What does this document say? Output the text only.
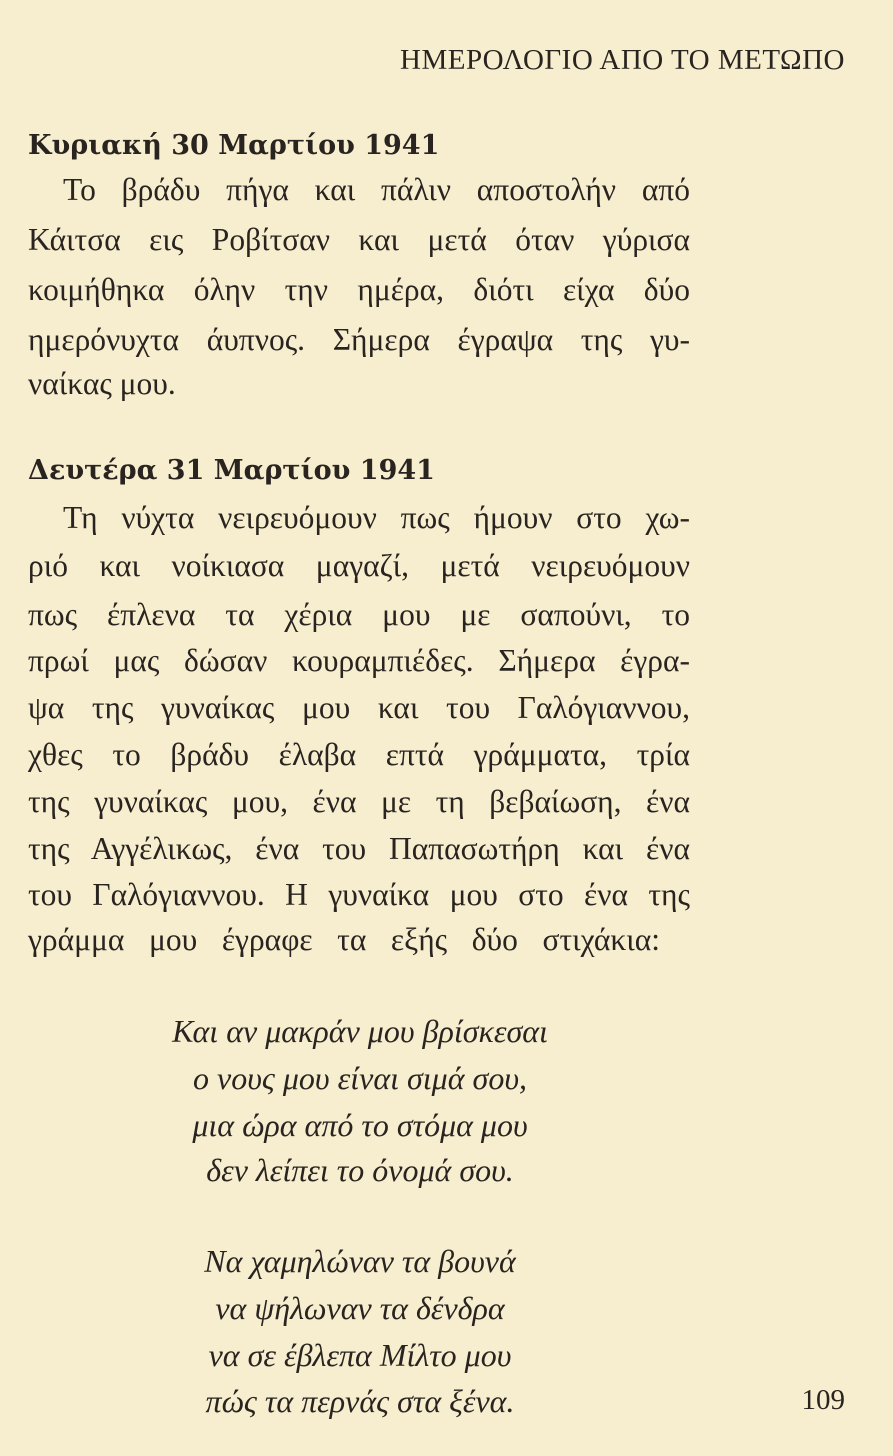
ΗΜΕΡΟΛΟΓΙΟ ΑΠΟ ΤΟ ΜΕΤΩΠΟ
Κυριακή 30 Μαρτίου 1941
Το βράδυ πήγα και πάλιν αποστολήν από
Κάιτσα εις Ροβίτσαν και μετά όταν γύρισα
κοιμήθηκα όλην την ημέρα, διότι είχα δύο
ημερόνυχτα άυπνος. Σήμερα έγραψα της γυ-
ναίκας μου.
Δευτέρα 31 Μαρτίου 1941
Τη νύχτα νειρευόμουν πως ήμουν στο χω-
ριό και νοίκιασα μαγαζί, μετά νειρευόμουν
πως έπλενα τα χέρια μου με σαπούνι, το
πρωί μας δώσαν κουραμπιέδες. Σήμερα έγρα-
ψα της γυναίκας μου και του Γαλόγιαννου,
χθες το βράδυ έλαβα επτά γράμματα, τρία
της γυναίκας μου, ένα με τη βεβαίωση, ένα
της Αγγέλικως, ένα του Παπασωτήρη και ένα
του Γαλόγιαννου. Η γυναίκα μου στο ένα της
γράμμα μου έγραφε τα εξής δύο στιχάκια:
Και αν μακράν μου βρίσκεσαι
ο νους μου είναι σιμά σου,
μια ώρα από το στόμα μου
δεν λείπει το όνομά σου.
Να χαμηλώναν τα βουνά
να ψήλωναν τα δένδρα
να σε έβλεπα Μίλτο μου
πώς τα περνάς στα ξένα.	109
